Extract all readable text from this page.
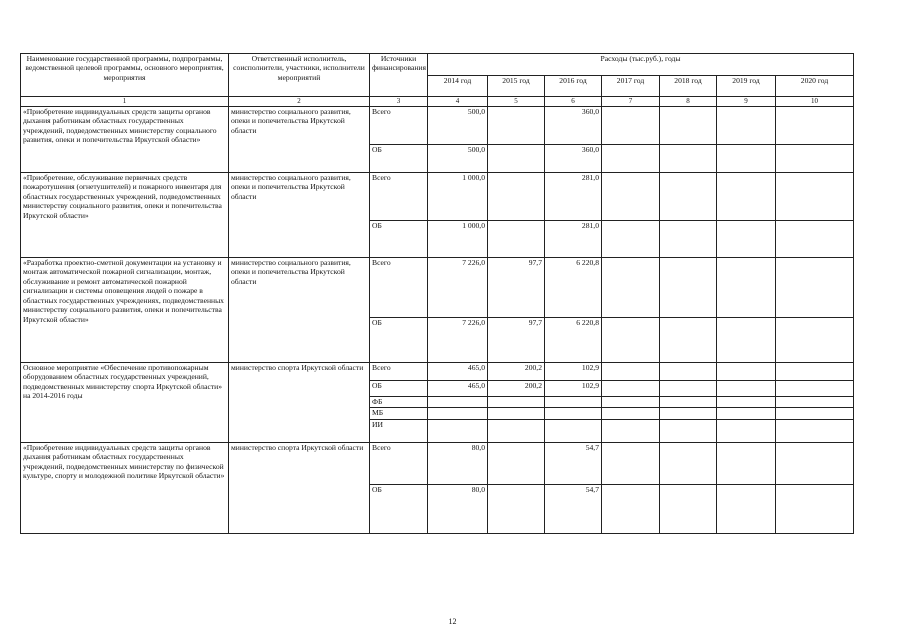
Наименование государственной программы, подпрограммы, ведомственной целевой программы, основного мероприятия, мероприятия	Ответственный исполнитель, соисполнители, участники, исполнители мероприятий	Источники финансирования	Расходы (тыс.руб.), годы						
			2014 год	2015 год	2016 год	2017 год	2018 год	2019 год	2020 год
1	2	3	4	5	6	7	8	9	10
«Приобретение индивидуальных средств защиты органов дыхания работникам областных государственных учреждений, подведомственных министерству социального развития, опеки и попечительства Иркутской области»	министерство социального развития, опеки и попечительства Иркутской области	Всего	500,0		360,0				
		ОБ	500,0		360,0				
«Приобретение, обслуживание первичных средств пожаротушения (огнетушителей) и пожарного инвентаря для областных государственных учреждений, подведомственных министерству социального развития, опеки и попечительства Иркутской области»	министерство социального развития, опеки и попечительства Иркутской области	Всего	1 000,0		281,0				
		ОБ	1 000,0		281,0				
«Разработка проектно-сметной документации на установку и монтаж автоматической пожарной сигнализации, монтаж, обслуживание и ремонт автоматической пожарной сигнализации и системы оповещения людей о пожаре в областных государственных учреждениях, подведомственных министерству социального развития, опеки и попечительства Иркутской области»	министерство социального развития, опеки и попечительства Иркутской области	Всего	7 226,0	97,7	6 220,8				
		ОБ	7 226,0	97,7	6 220,8				
Основное мероприятие «Обеспечение противопожарным оборудованием областных государственных учреждений, подведомственных министерству спорта Иркутской области» на 2014-2016 годы	министерство спорта Иркутской области	Всего	465,0	200,2	102,9				
		ОБ	465,0	200,2	102,9				
		ФБ							
		МБ							
		ИИ							
«Приобретение индивидуальных средств защиты органов дыхания работникам областных государственных учреждений, подведомственных министерству по физической культуре, спорту и молодежной политике Иркутской области»	министерство спорта Иркутской области	Всего	80,0		54,7				
		ОБ	80,0		54,7				
12
